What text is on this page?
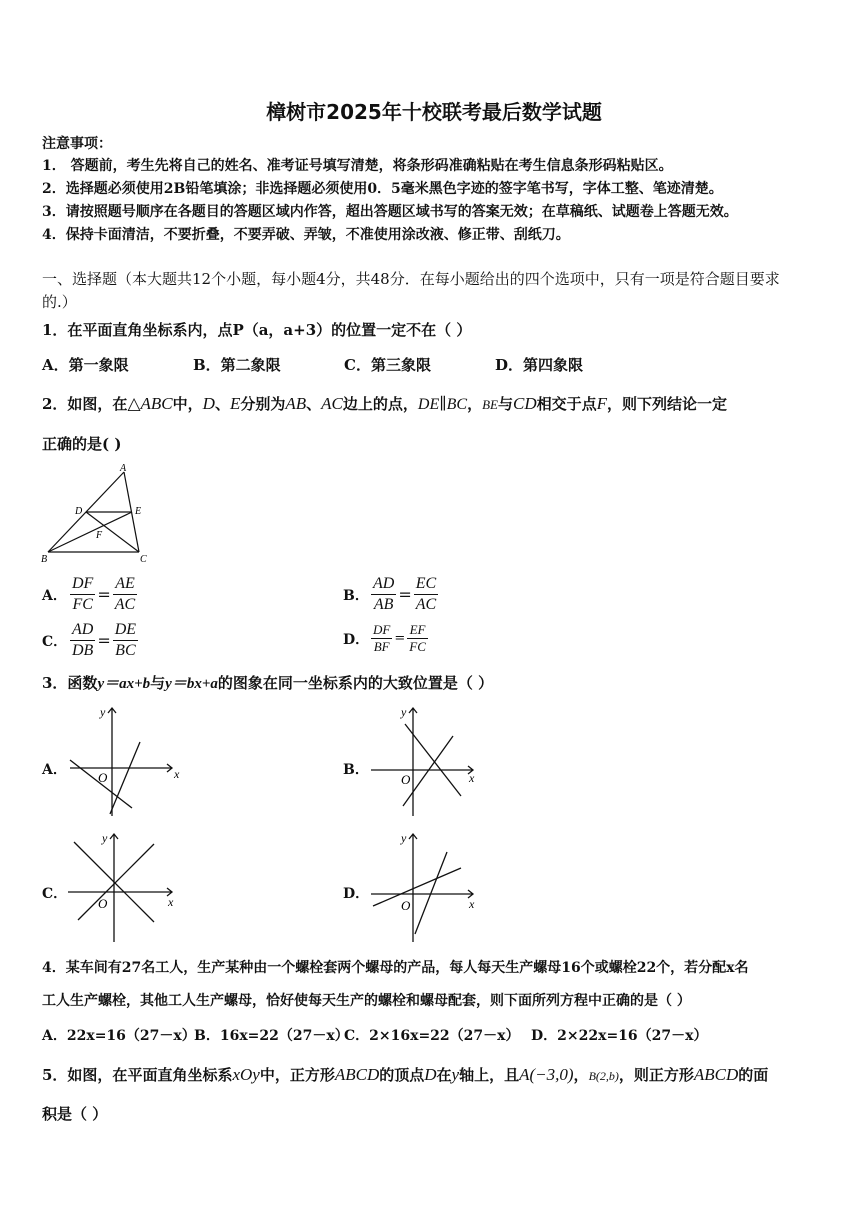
樟树市2025年十校联考最后数学试题
注意事项：
1． 答题前，考生先将自己的姓名、准考证号填写清楚，将条形码准确粘贴在考生信息条形码粘贴区。
2．选择题必须使用2B铅笔填涂；非选择题必须使用0．5毫米黑色字迹的签字笔书写，字体工整、笔迹清楚。
3．请按照题号顺序在各题目的答题区域内作答，超出答题区域书写的答案无效；在草稿纸、试题卷上答题无效。
4．保持卡面清洁，不要折叠，不要弄破、弄皱，不准使用涂改液、修正带、刮纸刀。
一、选择题（本大题共12个小题，每小题4分，共48分．在每小题给出的四个选项中，只有一项是符合题目要求
的.）
1．在平面直角坐标系内，点P（a，a+3）的位置一定不在（ ）
A．第一象限	B．第二象限	C．第三象限	D．第四象限
2．如图，在△ABC中，D、E分别为AB、AC边上的点，DE∥BC，BE与CD相交于点F，则下列结论一定
正确的是( )
A
D	E
F
B	C
A． $\frac{DF}{FC} = \frac{AE}{AC}$	B． $\frac{AD}{AB} = \frac{EC}{AC}$
C． $\frac{AD}{DB} = \frac{DE}{BC}$	D． $\frac{DF}{BF} = \frac{EF}{FC}$
3．函数y＝ax+b与y＝bx+a的图象在同一坐标系内的大致位置是（ ）
A．	B．
C．	D．
x
y
O	x
y
O
x
y
O	x
y
O
4．某车间有27名工人，生产某种由一个螺栓套两个螺母的产品，每人每天生产螺母16个或螺栓22个，若分配x名
工人生产螺栓，其他工人生产螺母，恰好使每天生产的螺栓和螺母配套，则下面所列方程中正确的是（ ）
A．22x=16（27－x）
B．16x=22（27－x）
C．2×16x=22（27－x） D．2×22x=16（27－x）
5．如图，在平面直角坐标系xOy中，正方形ABCD的顶点D在y轴上，且A(−3,0)，B(2,b)，则正方形ABCD的面
积是（ ）
